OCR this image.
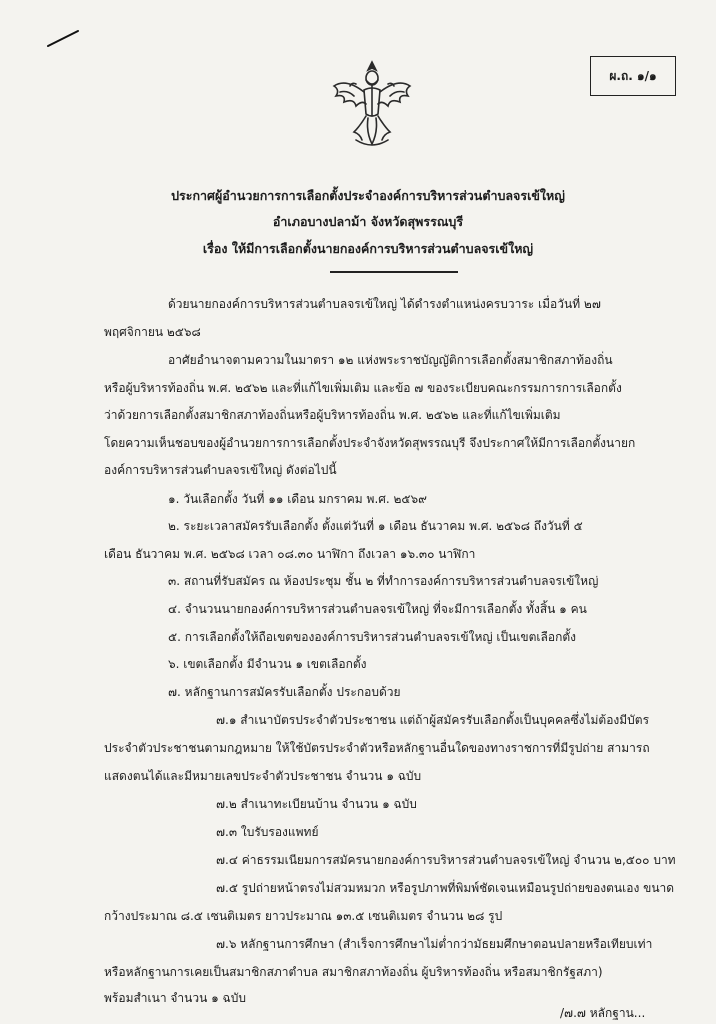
ผ.ถ. ๑/๑
ประกาศผู้อำนวยการการเลือกตั้งประจำองค์การบริหารส่วนตำบลจรเข้ใหญ่
อำเภอบางปลาม้า จังหวัดสุพรรณบุรี
เรื่อง ให้มีการเลือกตั้งนายกองค์การบริหารส่วนตำบลจรเข้ใหญ่
ด้วยนายกองค์การบริหารส่วนตำบลจรเข้ใหญ่ ได้ดำรงตำแหน่งครบวาระ เมื่อวันที่ ๒๗
พฤศจิกายน ๒๕๖๘
อาศัยอำนาจตามความในมาตรา ๑๒ แห่งพระราชบัญญัติการเลือกตั้งสมาชิกสภาท้องถิ่น
หรือผู้บริหารท้องถิ่น พ.ศ. ๒๕๖๒ และที่แก้ไขเพิ่มเติม และข้อ ๗ ของระเบียบคณะกรรมการการเลือกตั้ง
ว่าด้วยการเลือกตั้งสมาชิกสภาท้องถิ่นหรือผู้บริหารท้องถิ่น พ.ศ. ๒๕๖๒ และที่แก้ไขเพิ่มเติม
โดยความเห็นชอบของผู้อำนวยการการเลือกตั้งประจำจังหวัดสุพรรณบุรี จึงประกาศให้มีการเลือกตั้งนายก
องค์การบริหารส่วนตำบลจรเข้ใหญ่ ดังต่อไปนี้
๑. วันเลือกตั้ง วันที่ ๑๑ เดือน มกราคม พ.ศ. ๒๕๖๙
๒. ระยะเวลาสมัครรับเลือกตั้ง ตั้งแต่วันที่ ๑ เดือน ธันวาคม พ.ศ. ๒๕๖๘ ถึงวันที่ ๕
เดือน ธันวาคม พ.ศ. ๒๕๖๘ เวลา ๐๘.๓๐ นาฬิกา ถึงเวลา ๑๖.๓๐ นาฬิกา
๓. สถานที่รับสมัคร ณ ห้องประชุม ชั้น ๒ ที่ทำการองค์การบริหารส่วนตำบลจรเข้ใหญ่
๔. จำนวนนายกองค์การบริหารส่วนตำบลจรเข้ใหญ่ ที่จะมีการเลือกตั้ง ทั้งสิ้น ๑ คน
๕. การเลือกตั้งให้ถือเขตขององค์การบริหารส่วนตำบลจรเข้ใหญ่ เป็นเขตเลือกตั้ง
๖. เขตเลือกตั้ง มีจำนวน ๑ เขตเลือกตั้ง
๗. หลักฐานการสมัครรับเลือกตั้ง ประกอบด้วย
๗.๑ สำเนาบัตรประจำตัวประชาชน แต่ถ้าผู้สมัครรับเลือกตั้งเป็นบุคคลซึ่งไม่ต้องมีบัตร
ประจำตัวประชาชนตามกฎหมาย ให้ใช้บัตรประจำตัวหรือหลักฐานอื่นใดของทางราชการที่มีรูปถ่าย สามารถ
แสดงตนได้และมีหมายเลขประจำตัวประชาชน จำนวน ๑ ฉบับ
๗.๒ สำเนาทะเบียนบ้าน จำนวน ๑ ฉบับ
๗.๓ ใบรับรองแพทย์
๗.๔ ค่าธรรมเนียมการสมัครนายกองค์การบริหารส่วนตำบลจรเข้ใหญ่ จำนวน ๒,๕๐๐ บาท
๗.๕ รูปถ่ายหน้าตรงไม่สวมหมวก หรือรูปภาพที่พิมพ์ชัดเจนเหมือนรูปถ่ายของตนเอง ขนาด
กว้างประมาณ ๘.๕ เซนติเมตร ยาวประมาณ ๑๓.๕ เซนติเมตร จำนวน ๒๘ รูป
๗.๖ หลักฐานการศึกษา (สำเร็จการศึกษาไม่ต่ำกว่ามัธยมศึกษาตอนปลายหรือเทียบเท่า
หรือหลักฐานการเคยเป็นสมาชิกสภาตำบล สมาชิกสภาท้องถิ่น ผู้บริหารท้องถิ่น หรือสมาชิกรัฐสภา)
พร้อมสำเนา จำนวน ๑ ฉบับ
/๗.๗ หลักฐาน...
